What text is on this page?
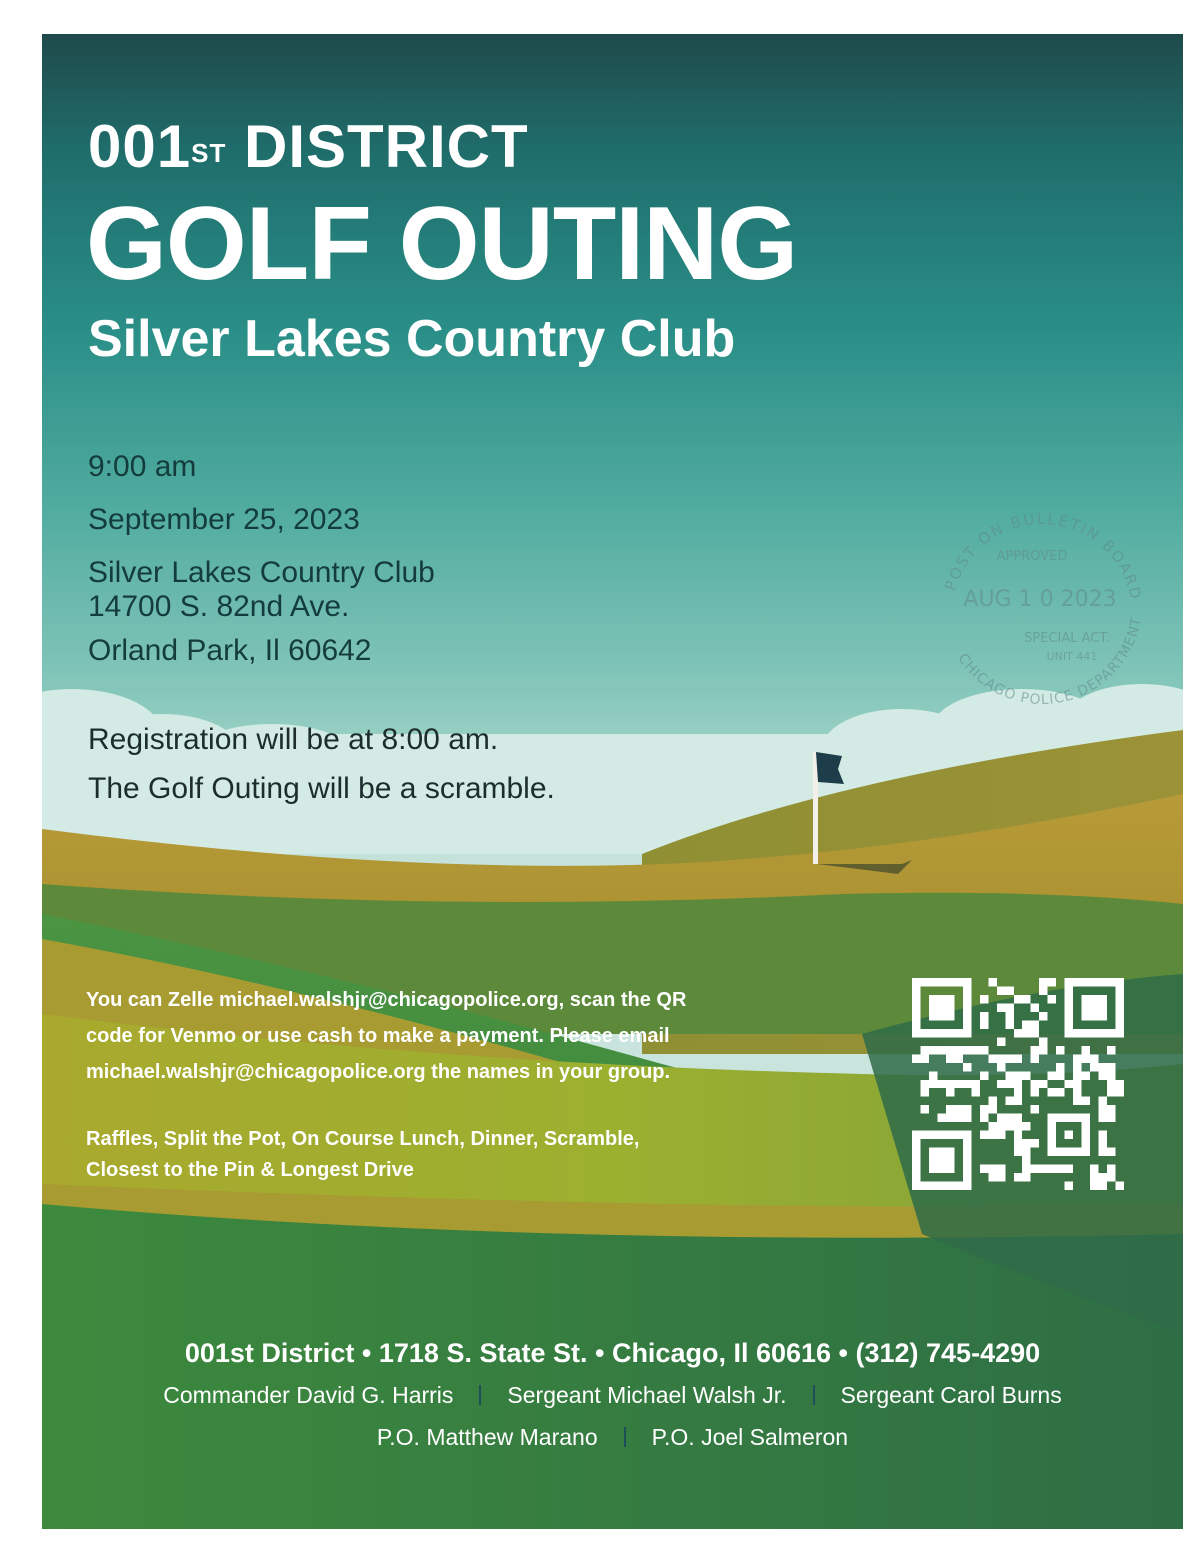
001ST DISTRICT

GOLF OUTING

Silver Lakes Country Club

9:00 am

September 25, 2023

Silver Lakes Country Club

14700 S. 82nd Ave.

Orland Park, Il 60642

Registration will be at 8:00 am.

The Golf Outing will be a scramble.

POST ON BULLETIN BOARD
APPROVED
AUG 1 0 2023
SPECIAL ACT.
UNIT 441
CHICAGO POLICE DEPARTMENT
You can Zelle michael.walshjr@chicagopolice.org, scan the QR
code for Venmo or use cash to make a payment. Please email
michael.walshjr@chicagopolice.org the names in your group.
Raffles, Split the Pot, On Course Lunch, Dinner, Scramble,
Closest to the Pin & Longest Drive

001st District • 1718 S. State St. • Chicago, Il 60616 • (312) 745-4290

Commander David G. Harris Sergeant Michael Walsh Jr. Sergeant Carol Burns

P.O. Matthew Marano P.O. Joel Salmeron
